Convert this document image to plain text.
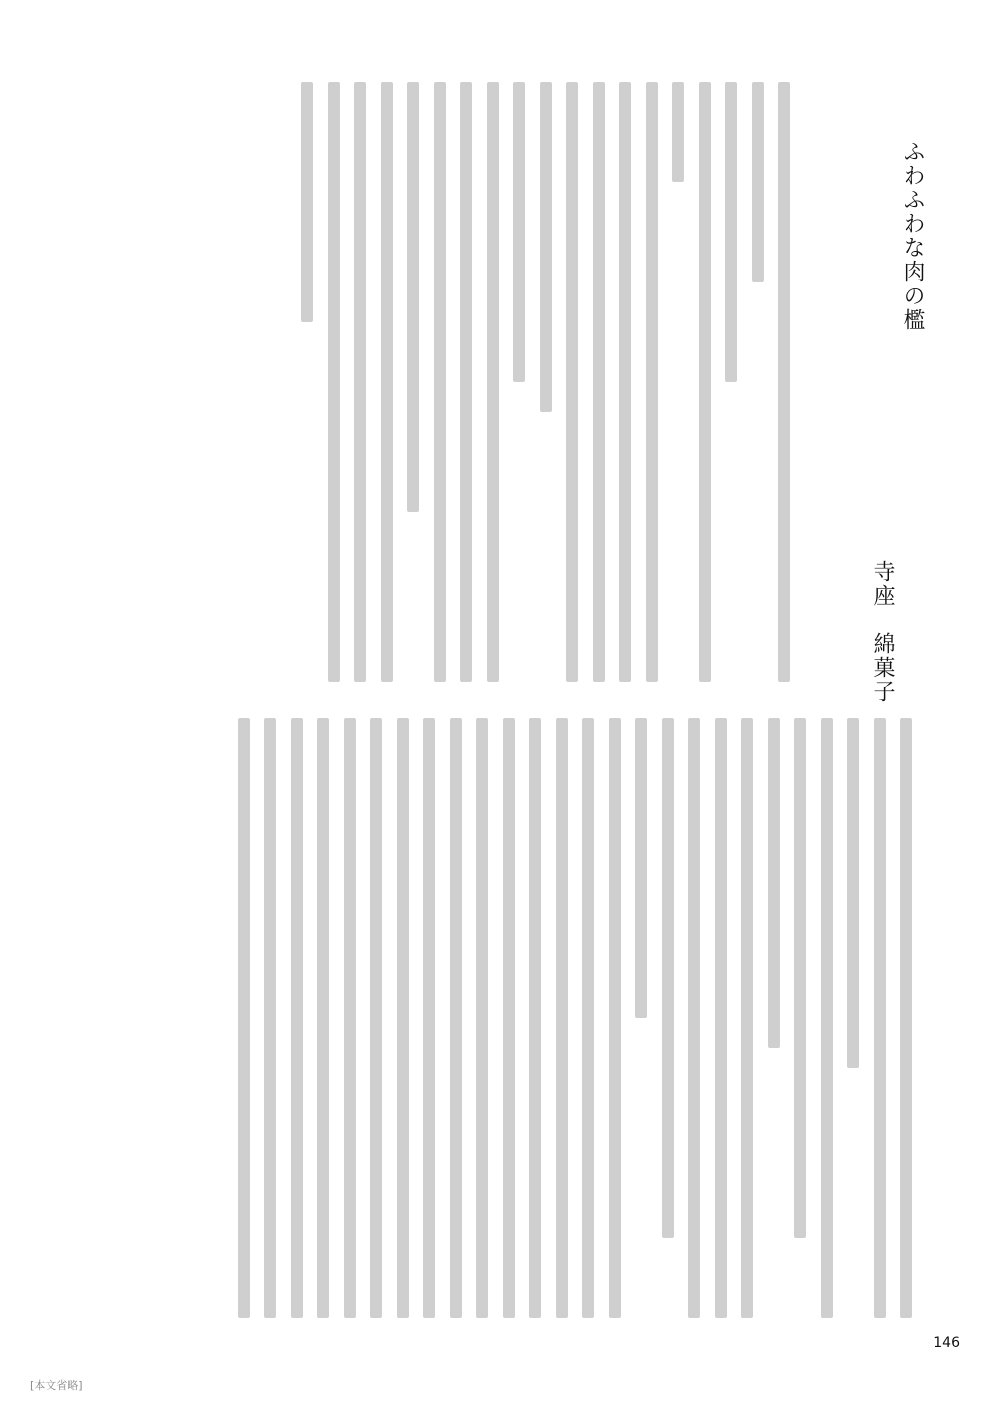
ふわふわな肉の檻
寺座　綿菓子
146
[本文省略]
